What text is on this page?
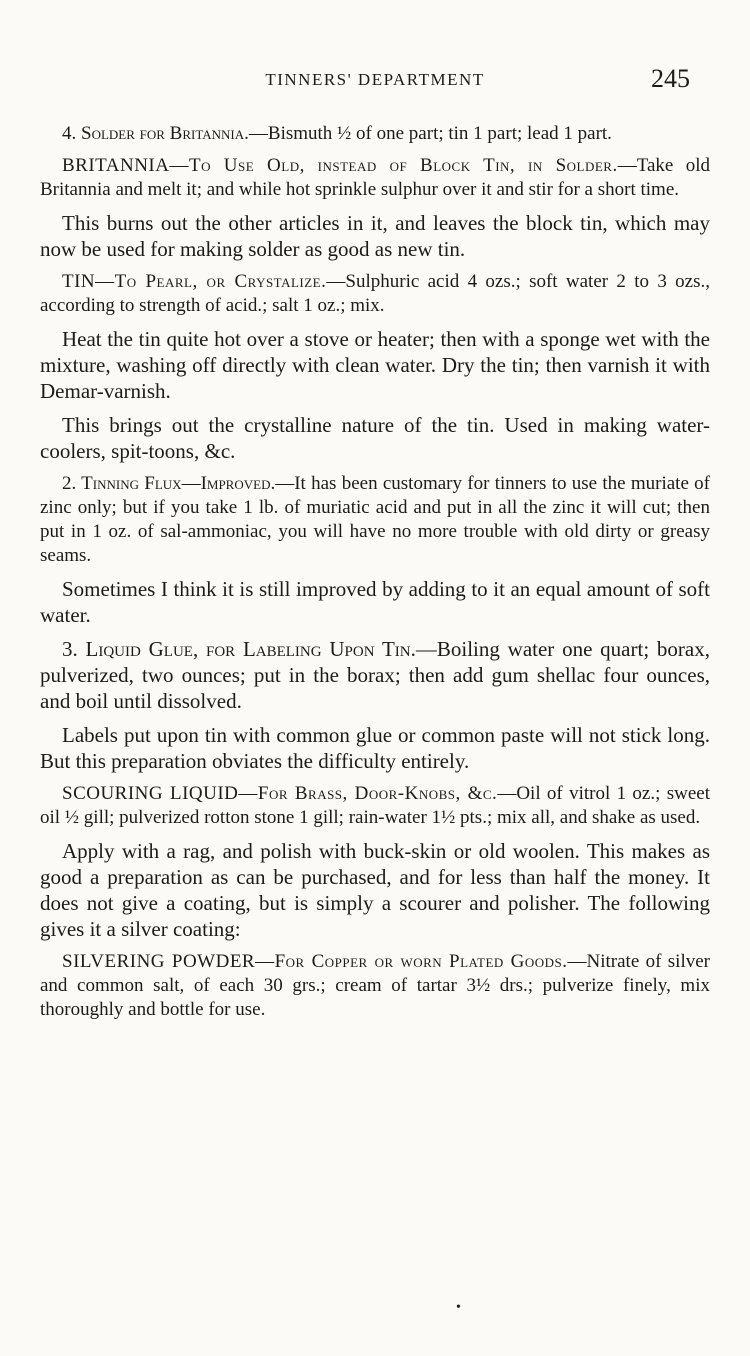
TINNERS' DEPARTMENT	245

4. Solder for Britannia.—Bismuth ½ of one part; tin 1 part; lead 1 part.

BRITANNIA—To Use Old, instead of Block Tin, in Solder.—Take old Britannia and melt it; and while hot sprinkle sulphur over it and stir for a short time.

This burns out the other articles in it, and leaves the block tin, which may now be used for making solder as good as new tin.

TIN—To Pearl, or Crystalize.—Sulphuric acid 4 ozs.; soft water 2 to 3 ozs., according to strength of acid.; salt 1 oz.; mix.

Heat the tin quite hot over a stove or heater; then with a sponge wet with the mixture, washing off directly with clean water. Dry the tin; then varnish it with Demar-varnish.

This brings out the crystalline nature of the tin. Used in making water-coolers, spit-toons, &c.

2. Tinning Flux—Improved.—It has been customary for tinners to use the muriate of zinc only; but if you take 1 lb. of muriatic acid and put in all the zinc it will cut; then put in 1 oz. of sal-ammoniac, you will have no more trouble with old dirty or greasy seams.

Sometimes I think it is still improved by adding to it an equal amount of soft water.

3. Liquid Glue, for Labeling Upon Tin.—Boiling water one quart; borax, pulverized, two ounces; put in the borax; then add gum shellac four ounces, and boil until dissolved.

Labels put upon tin with common glue or common paste will not stick long. But this preparation obviates the difficulty entirely.

SCOURING LIQUID—For Brass, Door-Knobs, &c.—Oil of vitrol 1 oz.; sweet oil ½ gill; pulverized rotton stone 1 gill; rain-water 1½ pts.; mix all, and shake as used.

Apply with a rag, and polish with buck-skin or old woolen. This makes as good a preparation as can be purchased, and for less than half the money. It does not give a coating, but is simply a scourer and polisher. The following gives it a silver coating:

SILVERING POWDER—For Copper or worn Plated Goods.—Nitrate of silver and common salt, of each 30 grs.; cream of tartar 3½ drs.; pulverize finely, mix thoroughly and bottle for use.

•
